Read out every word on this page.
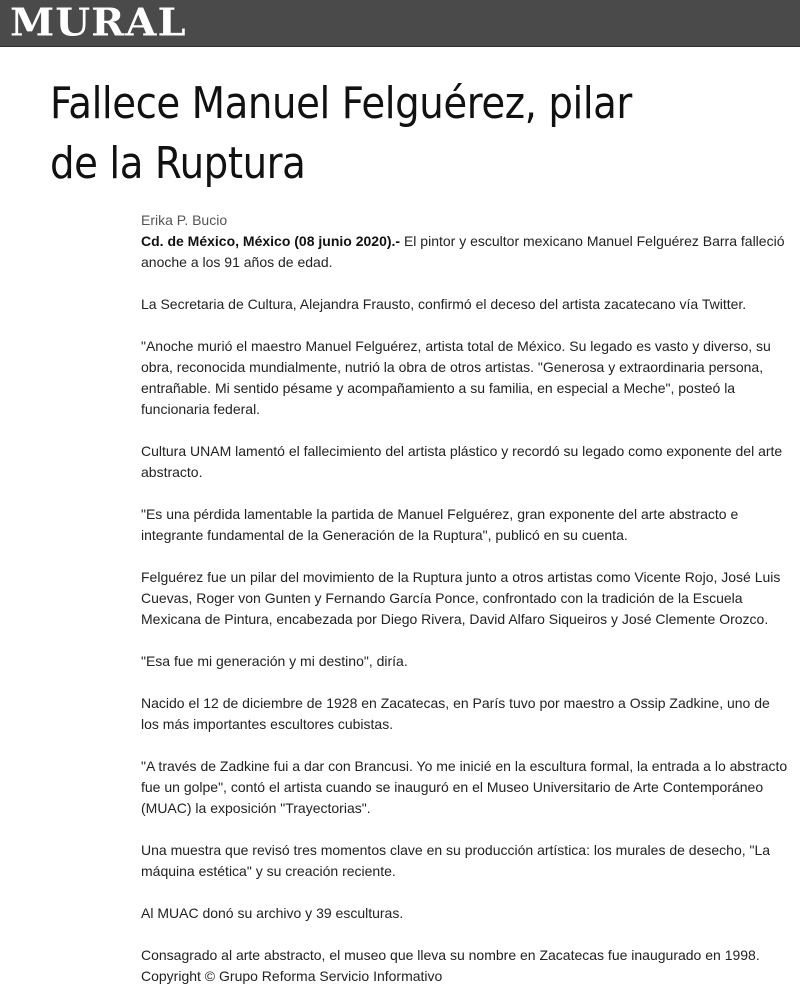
MURAL
Fallece Manuel Felguérez, pilar de la Ruptura
Erika P. Bucio

Cd. de México, México (08 junio 2020).- El pintor y escultor mexicano Manuel Felguérez Barra falleció anoche a los 91 años de edad.

La Secretaria de Cultura, Alejandra Frausto, confirmó el deceso del artista zacatecano vía Twitter.

"Anoche murió el maestro Manuel Felguérez, artista total de México. Su legado es vasto y diverso, su obra, reconocida mundialmente, nutrió la obra de otros artistas. "Generosa y extraordinaria persona, entrañable. Mi sentido pésame y acompañamiento a su familia, en especial a Meche", posteó la funcionaria federal.

Cultura UNAM lamentó el fallecimiento del artista plástico y recordó su legado como exponente del arte abstracto.

"Es una pérdida lamentable la partida de Manuel Felguérez, gran exponente del arte abstracto e integrante fundamental de la Generación de la Ruptura", publicó en su cuenta.

Felguérez fue un pilar del movimiento de la Ruptura junto a otros artistas como Vicente Rojo, José Luis Cuevas, Roger von Gunten y Fernando García Ponce, confrontado con la tradición de la Escuela Mexicana de Pintura, encabezada por Diego Rivera, David Alfaro Siqueiros y José Clemente Orozco.

"Esa fue mi generación y mi destino", diría.

Nacido el 12 de diciembre de 1928 en Zacatecas, en París tuvo por maestro a Ossip Zadkine, uno de los más importantes escultores cubistas.

"A través de Zadkine fui a dar con Brancusi. Yo me inicié en la escultura formal, la entrada a lo abstracto fue un golpe", contó el artista cuando se inauguró en el Museo Universitario de Arte Contemporáneo (MUAC) la exposición "Trayectorias".

Una muestra que revisó tres momentos clave en su producción artística: los murales de desecho, "La máquina estética" y su creación reciente.

Al MUAC donó su archivo y 39 esculturas.

Consagrado al arte abstracto, el museo que lleva su nombre en Zacatecas fue inaugurado en 1998.

Copyright © Grupo Reforma Servicio Informativo
